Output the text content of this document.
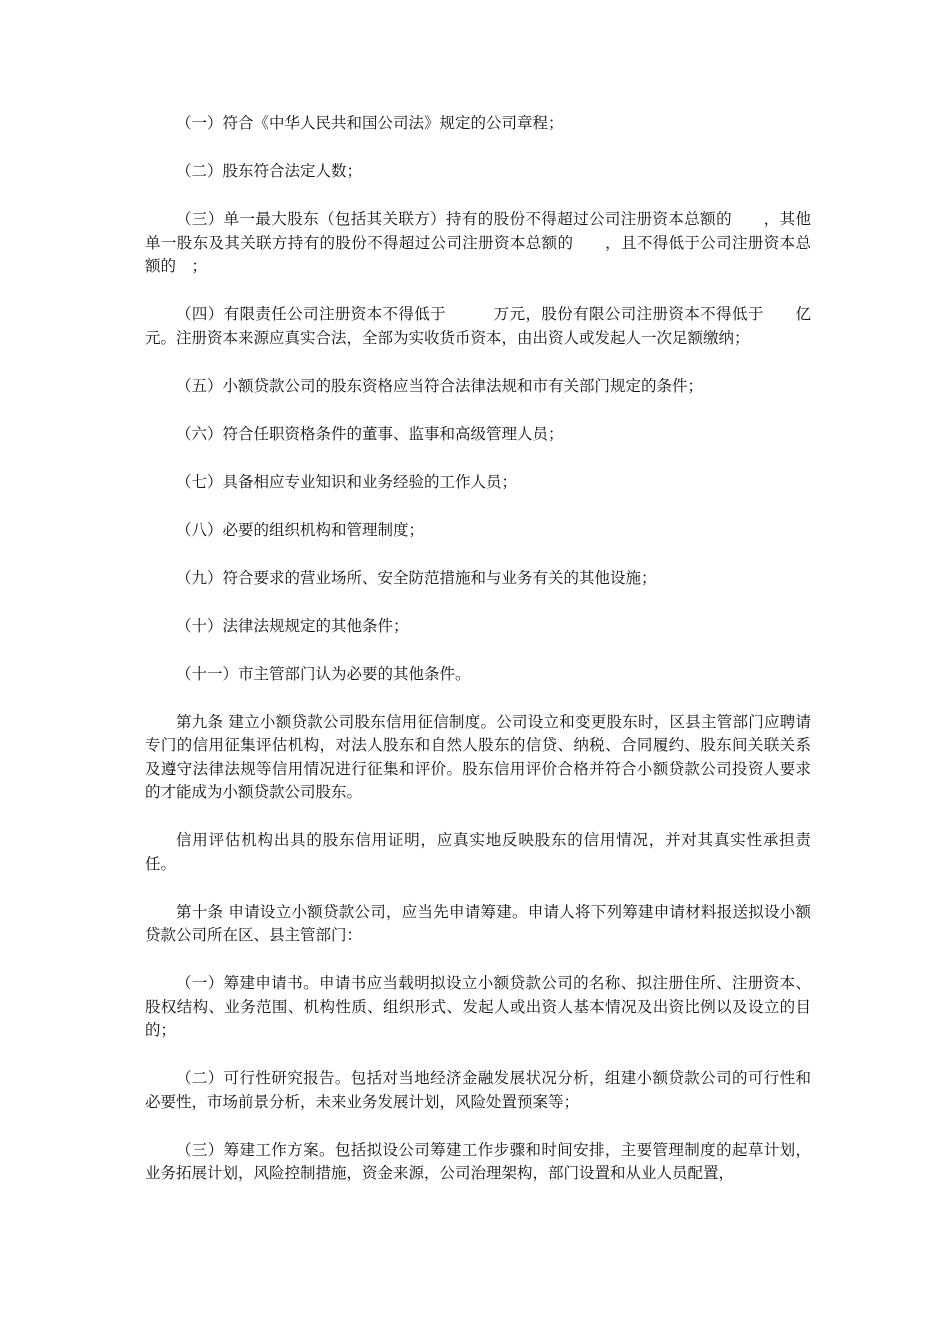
（一）符合《中华人民共和国公司法》规定的公司章程；

（二）股东符合法定人数；

（三）单一最大股东（包括其关联方）持有的股份不得超过公司注册资本总额的　　，其他单一股东及其关联方持有的股份不得超过公司注册资本总额的　　，且不得低于公司注册资本总额的　；

（四）有限责任公司注册资本不得低于　　　万元，股份有限公司注册资本不得低于　　亿元。注册资本来源应真实合法，全部为实收货币资本，由出资人或发起人一次足额缴纳；

（五）小额贷款公司的股东资格应当符合法律法规和市有关部门规定的条件；

（六）符合任职资格条件的董事、监事和高级管理人员；

（七）具备相应专业知识和业务经验的工作人员；

（八）必要的组织机构和管理制度；

（九）符合要求的营业场所、安全防范措施和与业务有关的其他设施；

（十）法律法规规定的其他条件；

（十一）市主管部门认为必要的其他条件。

第九条 建立小额贷款公司股东信用征信制度。公司设立和变更股东时，区县主管部门应聘请专门的信用征集评估机构，对法人股东和自然人股东的信贷、纳税、合同履约、股东间关联关系及遵守法律法规等信用情况进行征集和评价。股东信用评价合格并符合小额贷款公司投资人要求的才能成为小额贷款公司股东。

信用评估机构出具的股东信用证明，应真实地反映股东的信用情况，并对其真实性承担责任。

第十条 申请设立小额贷款公司，应当先申请筹建。申请人将下列筹建申请材料报送拟设小额贷款公司所在区、县主管部门：

（一）筹建申请书。申请书应当载明拟设立小额贷款公司的名称、拟注册住所、注册资本、股权结构、业务范围、机构性质、组织形式、发起人或出资人基本情况及出资比例以及设立的目的；

（二）可行性研究报告。包括对当地经济金融发展状况分析，组建小额贷款公司的可行性和必要性，市场前景分析，未来业务发展计划，风险处置预案等；

（三）筹建工作方案。包括拟设公司筹建工作步骤和时间安排，主要管理制度的起草计划，业务拓展计划，风险控制措施，资金来源，公司治理架构，部门设置和从业人员配置，
